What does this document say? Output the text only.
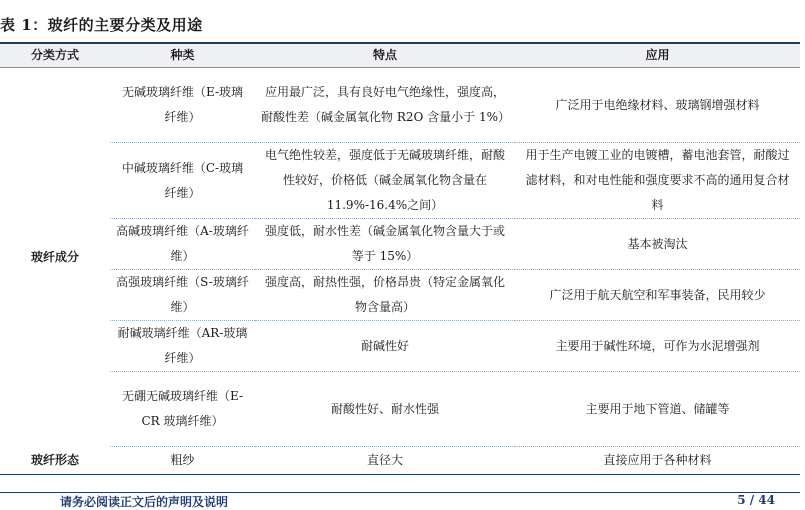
表 1：玻纤的主要分类及用途
分类方式	种类	特点	应用
玻纤成分	无碱玻璃纤维（E-玻璃纤维）	应用最广泛，具有良好电气绝缘性，强度高，耐酸性差（碱金属氧化物 R2O 含量小于 1%）	广泛用于电绝缘材料、玻璃钢增强材料
	中碱玻璃纤维（C-玻璃纤维）	电气绝性较差，强度低于无碱玻璃纤维，耐酸性较好，价格低（碱金属氧化物含量在 11.9%-16.4%之间）	用于生产电镀工业的电镀槽，蓄电池套管，耐酸过滤材料，和对电性能和强度要求不高的通用复合材料
	高碱玻璃纤维（A-玻璃纤维）	强度低，耐水性差（碱金属氧化物含量大于或等于 15%）	基本被淘汰
	高强玻璃纤维（S-玻璃纤维）	强度高，耐热性强，价格昂贵（特定金属氧化物含量高）	广泛用于航天航空和军事装备，民用较少
	耐碱玻璃纤维（AR-玻璃纤维）	耐碱性好	主要用于碱性环境，可作为水泥增强剂
	无硼无碱玻璃纤维（E-CR 玻璃纤维）	耐酸性好、耐水性强	主要用于地下管道、储罐等
玻纤形态	粗纱	直径大	直接应用于各种材料
请务必阅读正文后的声明及说明	5 / 44
